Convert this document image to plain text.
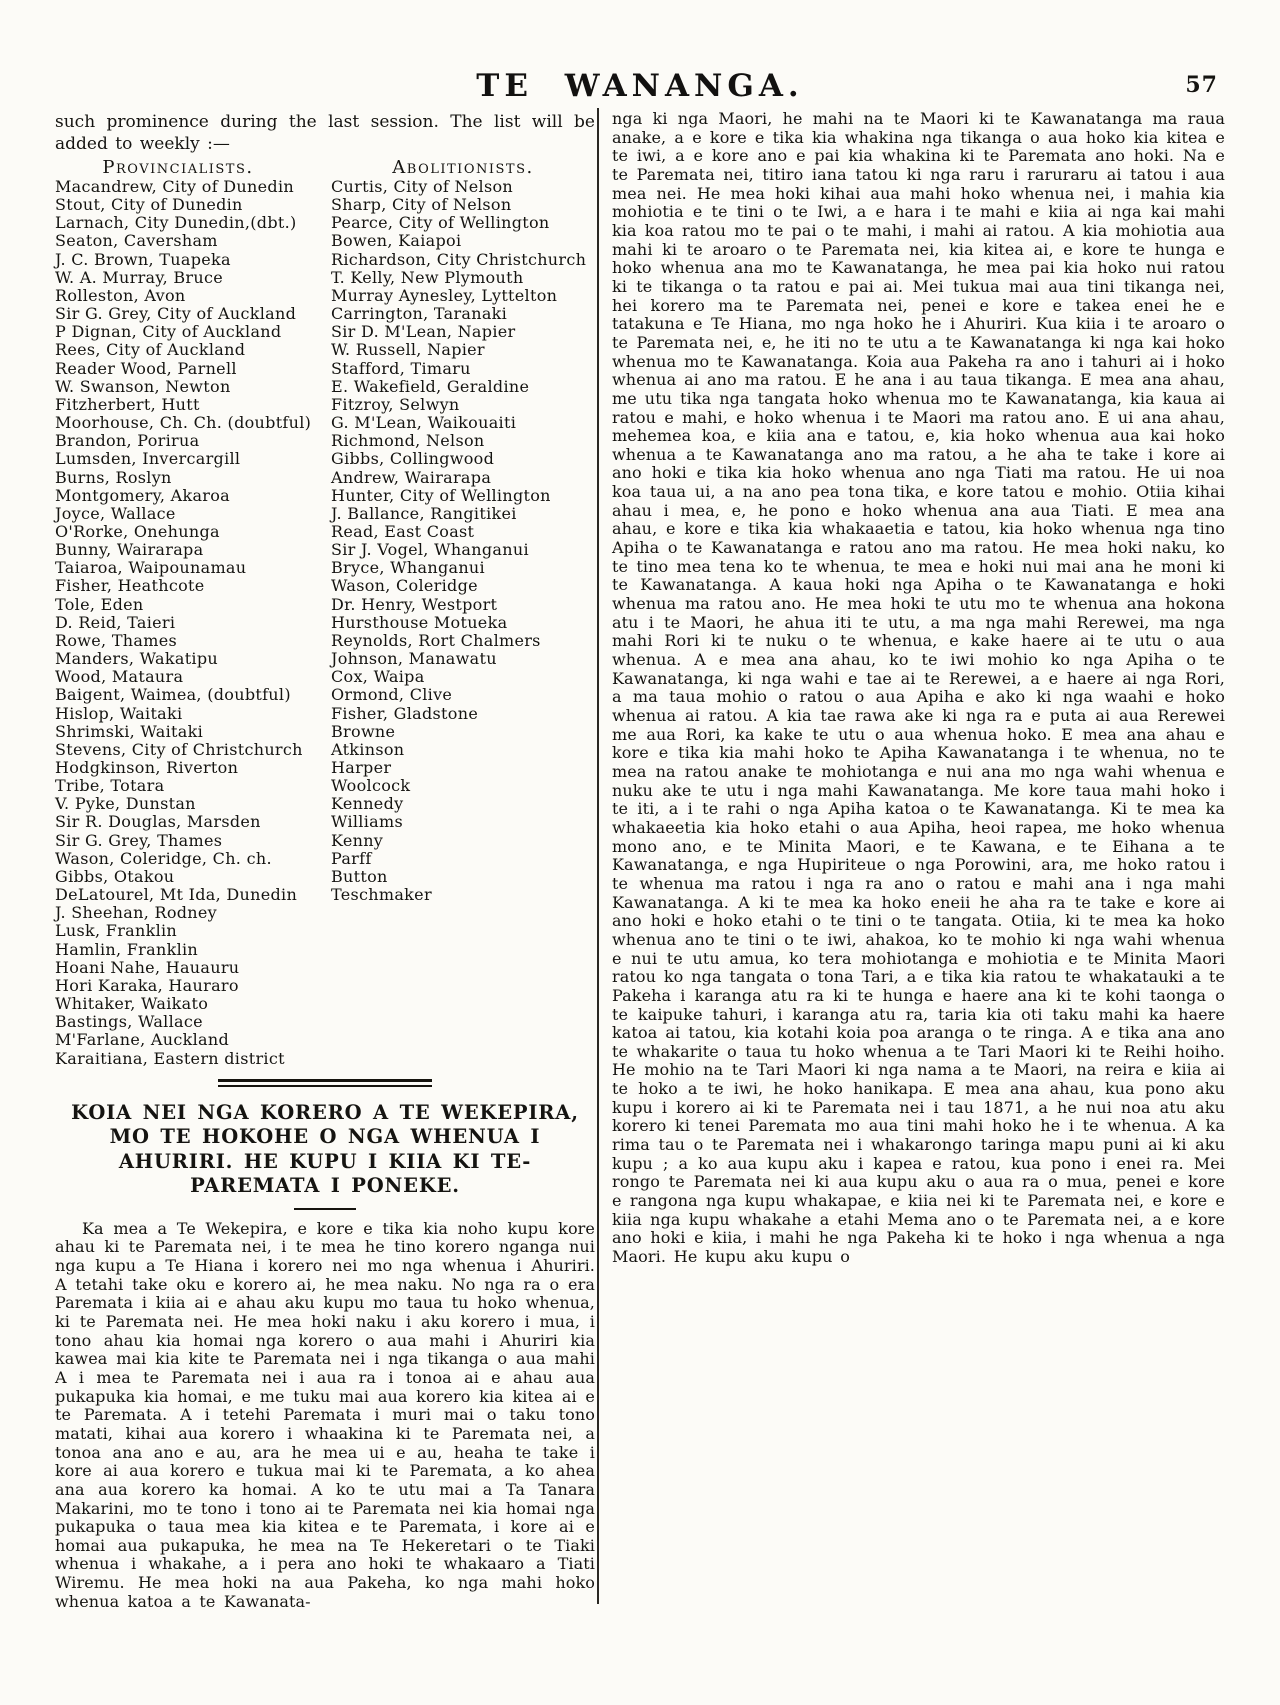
TE WANANGA.	57

such prominence during the last session. The list will be added to weekly :—

Provincialists.
Macandrew, City of Dunedin
Stout, City of Dunedin
Larnach, City Dunedin,(dbt.)
Seaton, Caversham
J. C. Brown, Tuapeka
W. A. Murray, Bruce
Rolleston, Avon
Sir G. Grey, City of Auckland
P Dignan, City of Auckland
Rees, City of Auckland
Reader Wood, Parnell
W. Swanson, Newton
Fitzherbert, Hutt
Moorhouse, Ch. Ch. (doubtful)
Brandon, Porirua
Lumsden, Invercargill
Burns, Roslyn
Montgomery, Akaroa
Joyce, Wallace
O'Rorke, Onehunga
Bunny, Wairarapa
Taiaroa, Waipounamau
Fisher, Heathcote
Tole, Eden
D. Reid, Taieri
Rowe, Thames
Manders, Wakatipu
Wood, Mataura
Baigent, Waimea, (doubtful)
Hislop, Waitaki
Shrimski, Waitaki
Stevens, City of Christchurch
Hodgkinson, Riverton
Tribe, Totara
V. Pyke, Dunstan
Sir R. Douglas, Marsden
Sir G. Grey, Thames
Wason, Coleridge, Ch. ch.
Gibbs, Otakou
DeLatourel, Mt Ida, Dunedin
J. Sheehan, Rodney
Lusk, Franklin
Hamlin, Franklin
Hoani Nahe, Hauauru
Hori Karaka, Hauraro
Whitaker, Waikato
Bastings, Wallace
M'Farlane, Auckland
Karaitiana, Eastern district
Abolitionists.
Curtis, City of Nelson
Sharp, City of Nelson
Pearce, City of Wellington
Bowen, Kaiapoi
Richardson, City Christchurch
T. Kelly, New Plymouth
Murray Aynesley, Lyttelton
Carrington, Taranaki
Sir D. M'Lean, Napier
W. Russell, Napier
Stafford, Timaru
E. Wakefield, Geraldine
Fitzroy, Selwyn
G. M'Lean, Waikouaiti
Richmond, Nelson
Gibbs, Collingwood
Andrew, Wairarapa
Hunter, City of Wellington
J. Ballance, Rangitikei
Read, East Coast
Sir J. Vogel, Whanganui
Bryce, Whanganui
Wason, Coleridge
Dr. Henry, Westport
Hursthouse Motueka
Reynolds, Rort Chalmers
Johnson, Manawatu
Cox, Waipa
Ormond, Clive
Fisher, Gladstone
Browne
Atkinson
Harper
Woolcock
Kennedy
Williams
Kenny
Parff
Button
Teschmaker
KOIA NEI NGA KORERO A TE WEKEPIRA, MO TE HOKOHE O NGA WHENUA I AHURIRI. HE KUPU I KIIA KI TE-PAREMATA I PONEKE.

Ka mea a Te Wekepira, e kore e tika kia noho kupu kore ahau ki te Paremata nei, i te mea he tino korero nganga nui nga kupu a Te Hiana i korero nei mo nga whenua i Ahuriri. A tetahi take oku e korero ai, he mea naku. No nga ra o era Paremata i kiia ai e ahau aku kupu mo taua tu hoko whenua, ki te Paremata nei. He mea hoki naku i aku korero i mua, i tono ahau kia homai nga korero o aua mahi i Ahuriri kia kawea mai kia kite te Paremata nei i nga tikanga o aua mahi A i mea te Paremata nei i aua ra i tonoa ai e ahau aua pukapuka kia homai, e me tuku mai aua korero kia kitea ai e te Paremata. A i tetehi Paremata i muri mai o taku tono matati, kihai aua korero i whaakina ki te Paremata nei, a tonoa ana ano e au, ara he mea ui e au, heaha te take i kore ai aua korero e tukua mai ki te Paremata, a ko ahea ana aua korero ka homai. A ko te utu mai a Ta Tanara Makarini, mo te tono i tono ai te Paremata nei kia homai nga pukapuka o taua mea kia kitea e te Paremata, i kore ai e homai aua pukapuka, he mea na Te Hekeretari o te Tiaki whenua i whakahe, a i pera ano hoki te whakaaro a Tiati Wiremu. He mea hoki na aua Pakeha, ko nga mahi hoko whenua katoa a te Kawanata-

nga ki nga Maori, he mahi na te Maori ki te Kawanatanga ma raua anake, a e kore e tika kia whakina nga tikanga o aua hoko kia kitea e te iwi, a e kore ano e pai kia whakina ki te Paremata ano hoki. Na e te Paremata nei, titiro iana tatou ki nga raru i raruraru ai tatou i aua mea nei. He mea hoki kihai aua mahi hoko whenua nei, i mahia kia mohiotia e te tini o te Iwi, a e hara i te mahi e kiia ai nga kai mahi kia koa ratou mo te pai o te mahi, i mahi ai ratou. A kia mohiotia aua mahi ki te aroaro o te Paremata nei, kia kitea ai, e kore te hunga e hoko whenua ana mo te Kawanatanga, he mea pai kia hoko nui ratou ki te tikanga o ta ratou e pai ai. Mei tukua mai aua tini tikanga nei, hei korero ma te Paremata nei, penei e kore e takea enei he e tatakuna e Te Hiana, mo nga hoko he i Ahuriri. Kua kiia i te aroaro o te Paremata nei, e, he iti no te utu a te Kawanatanga ki nga kai hoko whenua mo te Kawanatanga. Koia aua Pakeha ra ano i tahuri ai i hoko whenua ai ano ma ratou. E he ana i au taua tikanga. E mea ana ahau, me utu tika nga tangata hoko whenua mo te Kawanatanga, kia kaua ai ratou e mahi, e hoko whenua i te Maori ma ratou ano. E ui ana ahau, mehemea koa, e kiia ana e tatou, e, kia hoko whenua aua kai hoko whenua a te Kawanatanga ano ma ratou, a he aha te take i kore ai ano hoki e tika kia hoko whenua ano nga Tiati ma ratou. He ui noa koa taua ui, a na ano pea tona tika, e kore tatou e mohio. Otiia kihai ahau i mea, e, he pono e hoko whenua ana aua Tiati. E mea ana ahau, e kore e tika kia whakaaetia e tatou, kia hoko whenua nga tino Apiha o te Kawanatanga e ratou ano ma ratou. He mea hoki naku, ko te tino mea tena ko te whenua, te mea e hoki nui mai ana he moni ki te Kawanatanga. A kaua hoki nga Apiha o te Kawanatanga e hoki whenua ma ratou ano. He mea hoki te utu mo te whenua ana hokona atu i te Maori, he ahua iti te utu, a ma nga mahi Rerewei, ma nga mahi Rori ki te nuku o te whenua, e kake haere ai te utu o aua whenua. A e mea ana ahau, ko te iwi mohio ko nga Apiha o te Kawanatanga, ki nga wahi e tae ai te Rerewei, a e haere ai nga Rori, a ma taua mohio o ratou o aua Apiha e ako ki nga waahi e hoko whenua ai ratou. A kia tae rawa ake ki nga ra e puta ai aua Rerewei me aua Rori, ka kake te utu o aua whenua hoko. E mea ana ahau e kore e tika kia mahi hoko te Apiha Kawanatanga i te whenua, no te mea na ratou anake te mohiotanga e nui ana mo nga wahi whenua e nuku ake te utu i nga mahi Kawanatanga. Me kore taua mahi hoko i te iti, a i te rahi o nga Apiha katoa o te Kawanatanga. Ki te mea ka whakaeetia kia hoko etahi o aua Apiha, heoi rapea, me hoko whenua mono ano, e te Minita Maori, e te Kawana, e te Eihana a te Kawanatanga, e nga Hupiriteue o nga Porowini, ara, me hoko ratou i te whenua ma ratou i nga ra ano o ratou e mahi ana i nga mahi Kawanatanga. A ki te mea ka hoko eneii he aha ra te take e kore ai ano hoki e hoko etahi o te tini o te tangata. Otiia, ki te mea ka hoko whenua ano te tini o te iwi, ahakoa, ko te mohio ki nga wahi whenua e nui te utu amua, ko tera mohiotanga e mohiotia e te Minita Maori ratou ko nga tangata o tona Tari, a e tika kia ratou te whakatauki a te Pakeha i karanga atu ra ki te hunga e haere ana ki te kohi taonga o te kaipuke tahuri, i karanga atu ra, taria kia oti taku mahi ka haere katoa ai tatou, kia kotahi koia poa aranga o te ringa. A e tika ana ano te whakarite o taua tu hoko whenua a te Tari Maori ki te Reihi hoiho. He mohio na te Tari Maori ki nga nama a te Maori, na reira e kiia ai te hoko a te iwi, he hoko hanikapa. E mea ana ahau, kua pono aku kupu i korero ai ki te Paremata nei i tau 1871, a he nui noa atu aku korero ki tenei Paremata mo aua tini mahi hoko he i te whenua. A ka rima tau o te Paremata nei i whakarongo taringa mapu puni ai ki aku kupu ; a ko aua kupu aku i kapea e ratou, kua pono i enei ra. Mei rongo te Paremata nei ki aua kupu aku o aua ra o mua, penei e kore e rangona nga kupu whakapae, e kiia nei ki te Paremata nei, e kore e kiia nga kupu whakahe a etahi Mema ano o te Paremata nei, a e kore ano hoki e kiia, i mahi he nga Pakeha ki te hoko i nga whenua a nga Maori. He kupu aku kupu o
